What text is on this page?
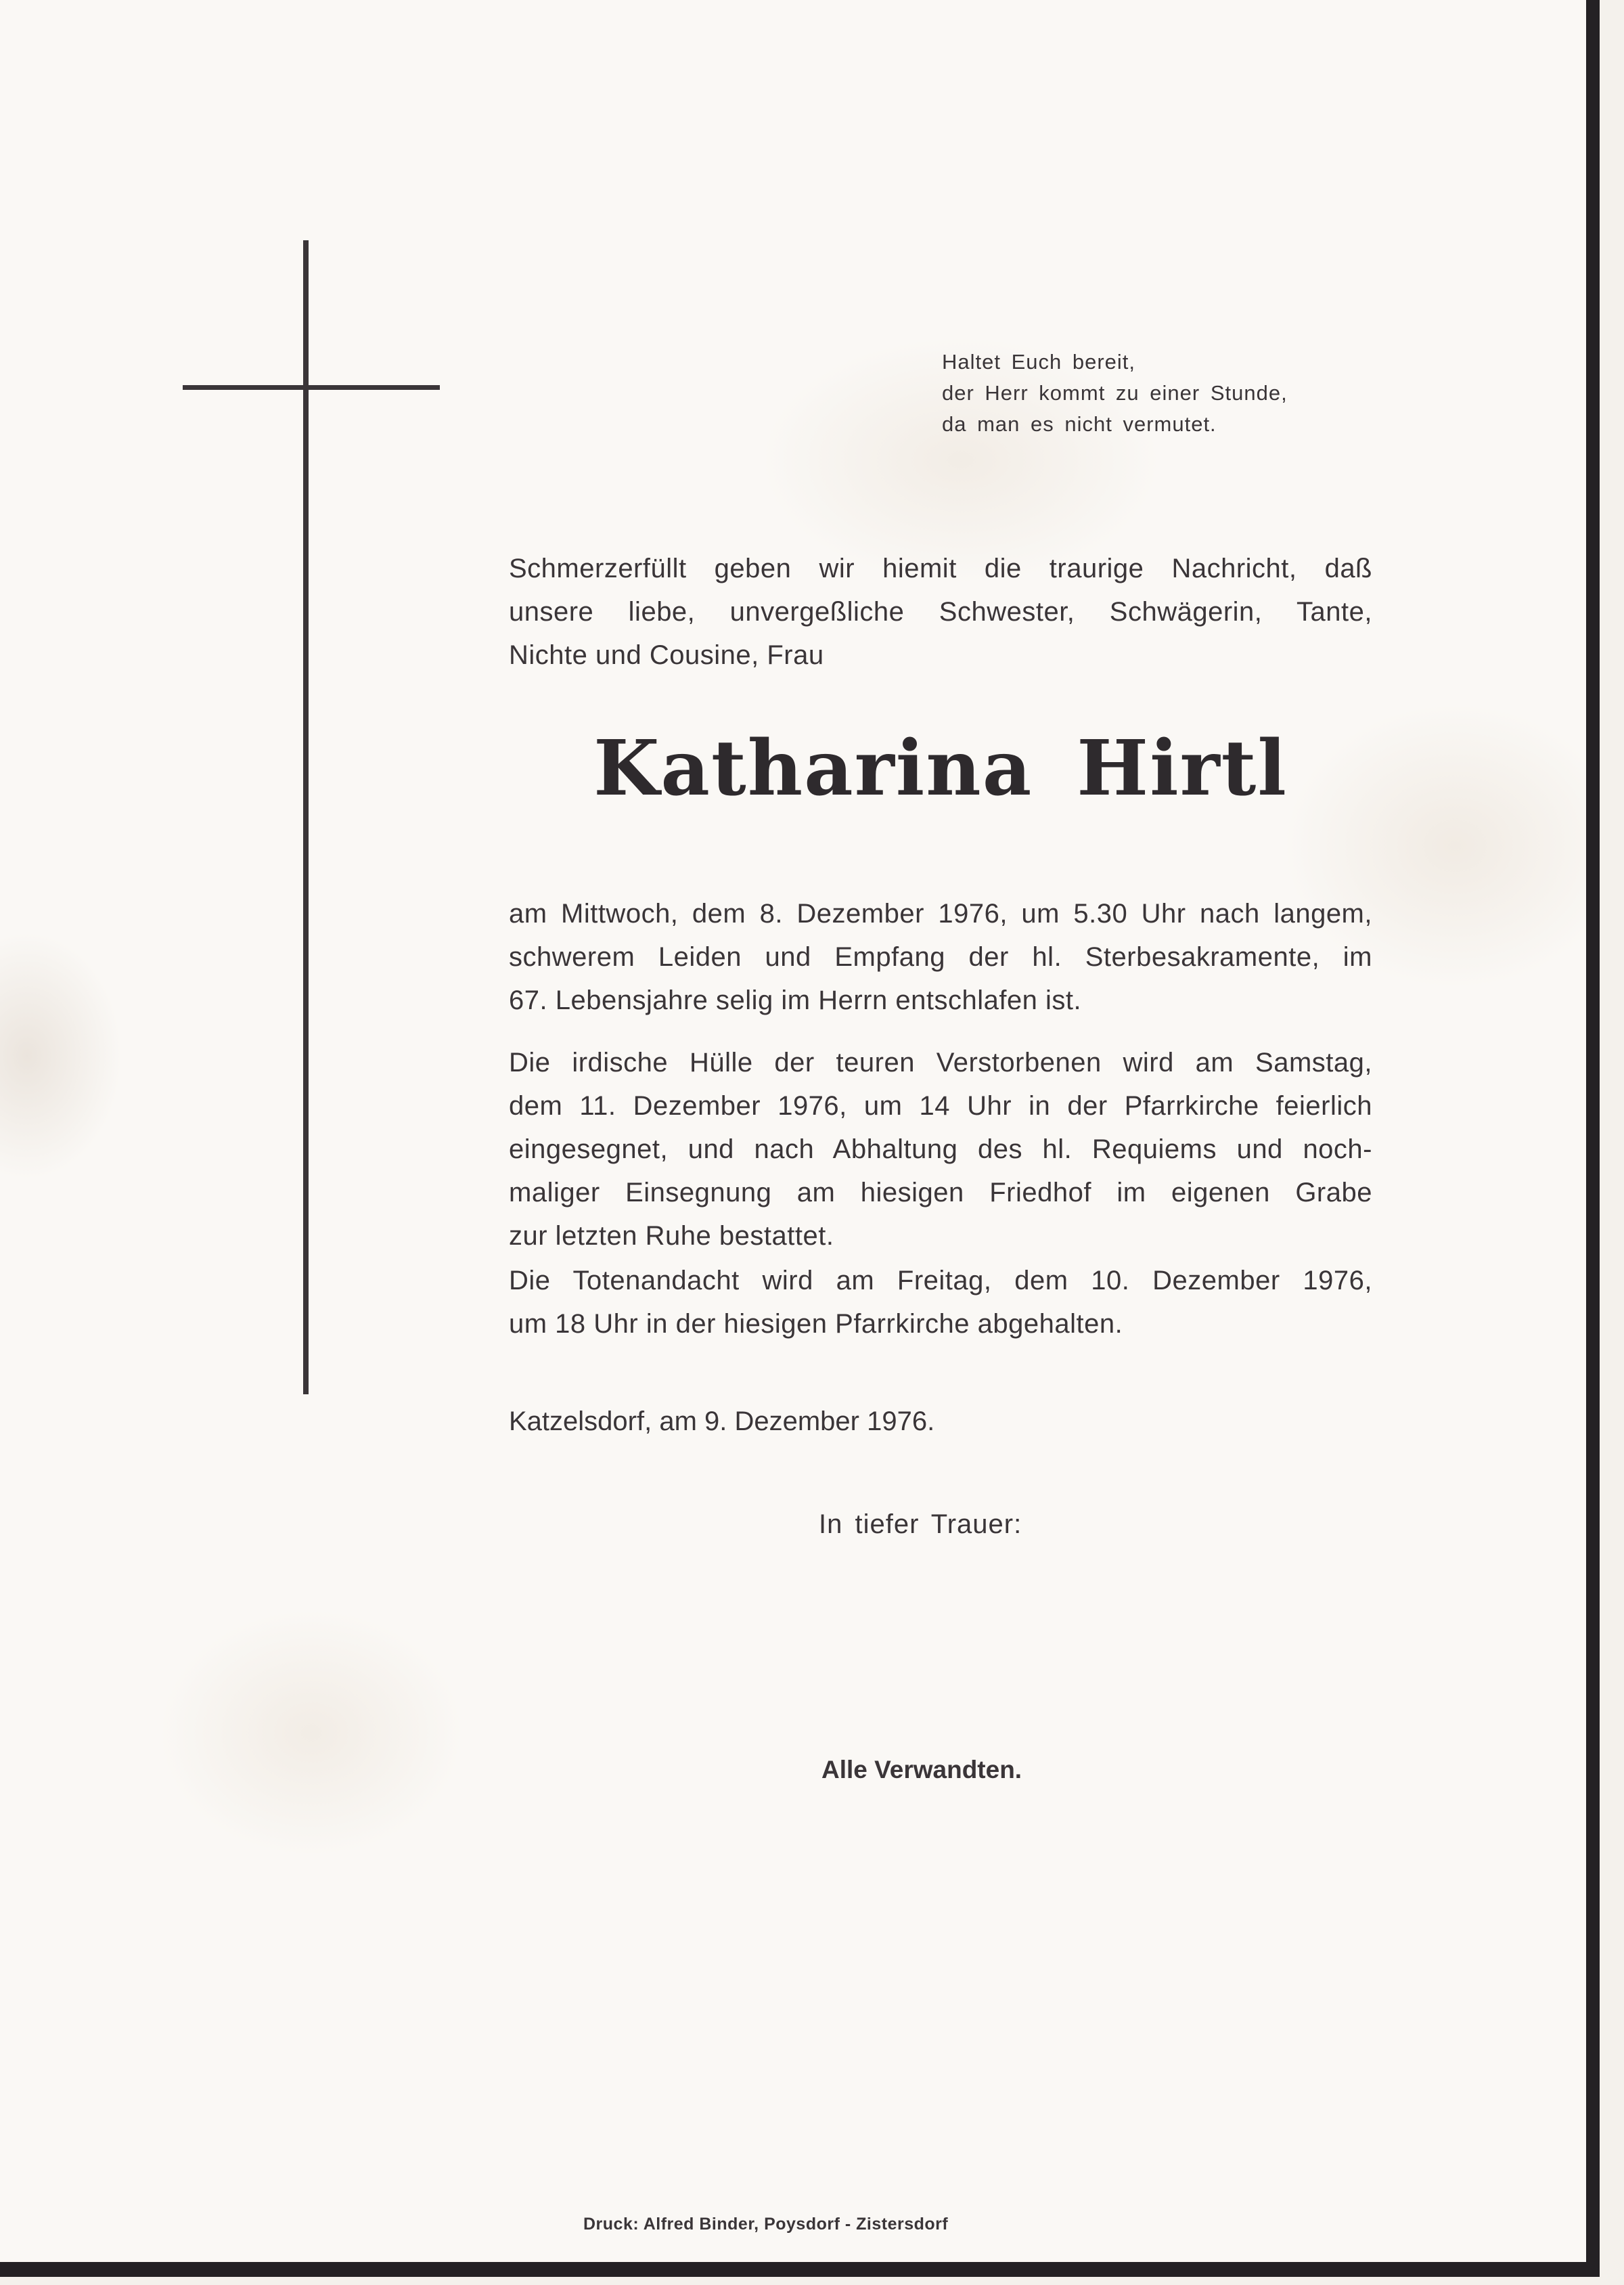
Haltet Euch bereit,
der Herr kommt zu einer Stunde,
da man es nicht vermutet.
Schmerzerfüllt geben wir hiemit die traurige Nachricht, daß
unsere liebe, unvergeßliche Schwester, Schwägerin, Tante,
Nichte und Cousine, Frau
Katharina Hirtl
am Mittwoch, dem 8. Dezember 1976, um 5.30 Uhr nach langem,
schwerem Leiden und Empfang der hl. Sterbesakramente, im
67. Lebensjahre selig im Herrn entschlafen ist.
Die irdische Hülle der teuren Verstorbenen wird am Samstag,
dem 11. Dezember 1976, um 14 Uhr in der Pfarrkirche feierlich
eingesegnet, und nach Abhaltung des hl. Requiems und noch-
maliger Einsegnung am hiesigen Friedhof im eigenen Grabe
zur letzten Ruhe bestattet.
Die Totenandacht wird am Freitag, dem 10. Dezember 1976,
um 18 Uhr in der hiesigen Pfarrkirche abgehalten.
Katzelsdorf, am 9. Dezember 1976.
In tiefer Trauer:
Alle Verwandten.
Druck: Alfred Binder, Poysdorf - Zistersdorf
